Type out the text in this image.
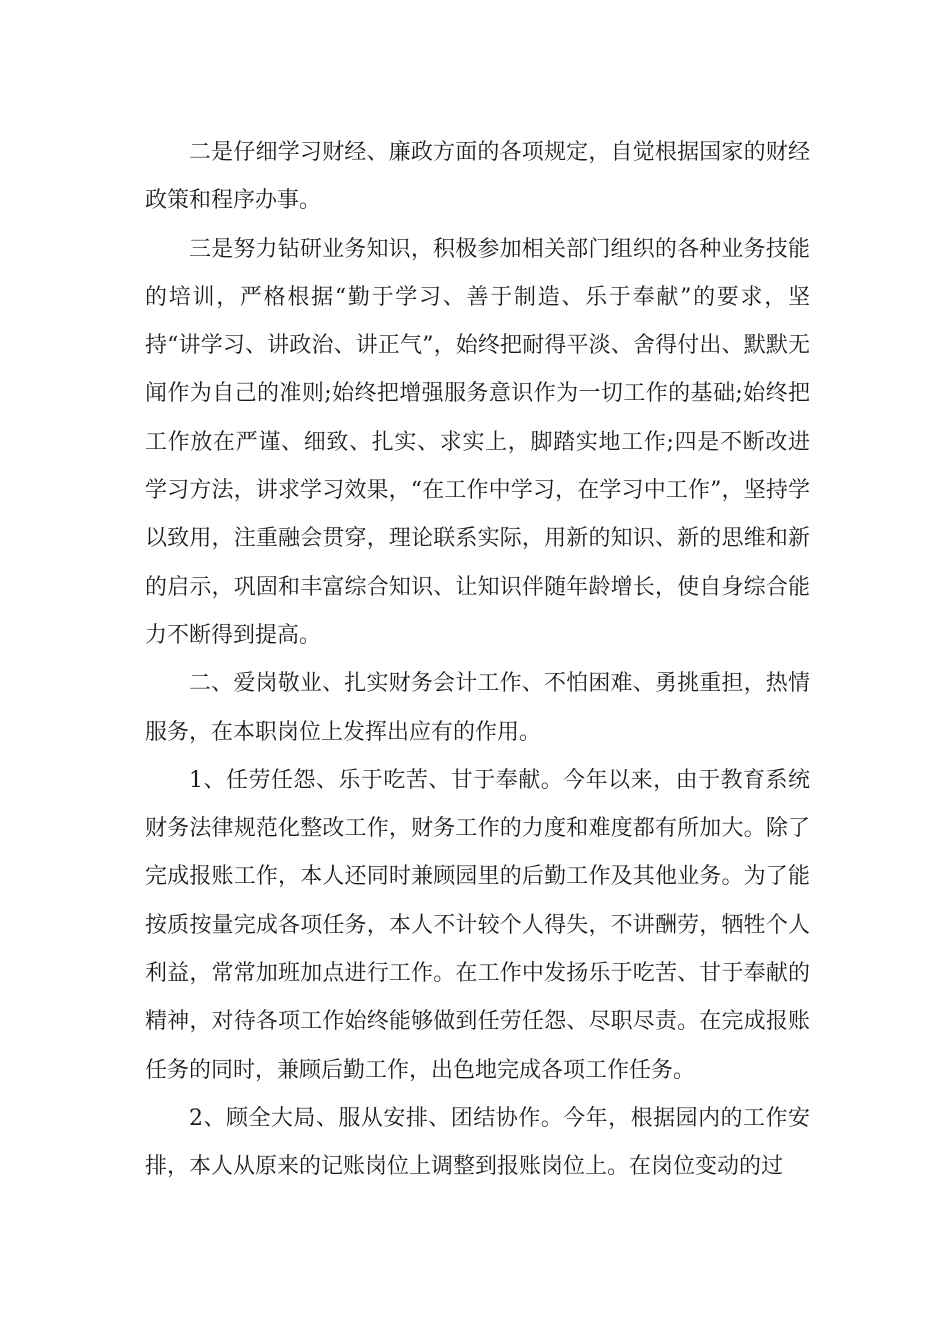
二是仔细学习财经、廉政方面的各项规定，自觉根据国家的财经政策和程序办事。

三是努力钻研业务知识，积极参加相关部门组织的各种业务技能的培训，严格根据“勤于学习、善于制造、乐于奉献”的要求，坚持“讲学习、讲政治、讲正气”，始终把耐得平淡、舍得付出、默默无闻作为自己的准则;始终把增强服务意识作为一切工作的基础;始终把工作放在严谨、细致、扎实、求实上，脚踏实地工作;四是不断改进学习方法，讲求学习效果，“在工作中学习，在学习中工作”，坚持学以致用，注重融会贯穿，理论联系实际，用新的知识、新的思维和新的启示，巩固和丰富综合知识、让知识伴随年龄增长，使自身综合能力不断得到提高。

二、爱岗敬业、扎实财务会计工作、不怕困难、勇挑重担，热情服务，在本职岗位上发挥出应有的作用。

1、任劳任怨、乐于吃苦、甘于奉献。今年以来，由于教育系统财务法律规范化整改工作，财务工作的力度和难度都有所加大。除了完成报账工作，本人还同时兼顾园里的后勤工作及其他业务。为了能按质按量完成各项任务，本人不计较个人得失，不讲酬劳，牺牲个人利益，常常加班加点进行工作。在工作中发扬乐于吃苦、甘于奉献的精神，对待各项工作始终能够做到任劳任怨、尽职尽责。在完成报账任务的同时，兼顾后勤工作，出色地完成各项工作任务。

2、顾全大局、服从安排、团结协作。今年，根据园内的工作安排，本人从原来的记账岗位上调整到报账岗位上。在岗位变动的过
